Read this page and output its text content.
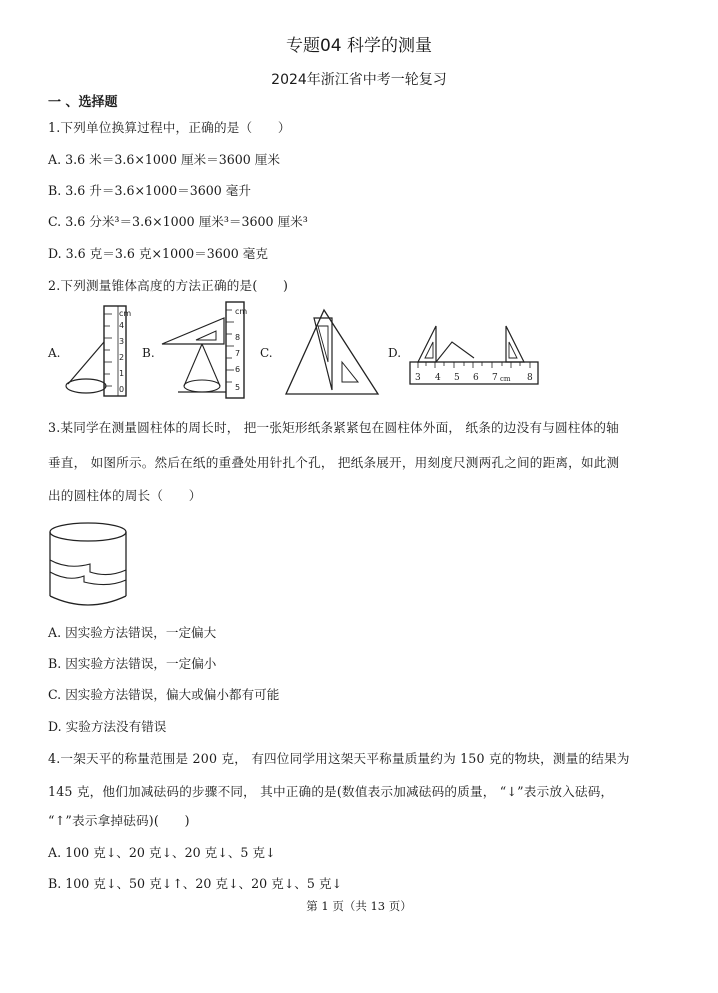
专题04 科学的测量
2024年浙江省中考一轮复习
一 、选择题
1.下列单位换算过程中，正确的是（　　）
A. 3.6 米＝3.6×1000 厘米＝3600 厘米
B. 3.6 升＝3.6×1000＝3600 毫升
C. 3.6 分米³＝3.6×1000 厘米³＝3600 厘米³
D. 3.6 克＝3.6 克×1000＝3600 毫克
2.下列测量锥体高度的方法正确的是(　　)
A.	B.	C.	D.
0
1
2
3
4
cm	cm
8
7
6
5
3 4 5 6 7 cm 8
3.某同学在测量圆柱体的周长时， 把一张矩形纸条紧紧包在圆柱体外面， 纸条的边没有与圆柱体的轴
垂直， 如图所示。然后在纸的重叠处用针扎个孔， 把纸条展开，用刻度尺测两孔之间的距离，如此测
出的圆柱体的周长（　　）
A. 因实验方法错误，一定偏大
B. 因实验方法错误，一定偏小
C. 因实验方法错误，偏大或偏小都有可能
D. 实验方法没有错误
4.一架天平的称量范围是 200 克， 有四位同学用这架天平称量质量约为 150 克的物块，测量的结果为
145 克，他们加减砝码的步骤不同， 其中正确的是(数值表示加减砝码的质量， “↓”表示放入砝码，
“↑”表示拿掉砝码)(　　)
A. 100 克↓、20 克↓、20 克↓、5 克↓
B. 100 克↓、50 克↓↑、20 克↓、20 克↓、5 克↓
第 1 页（共 13 页）
